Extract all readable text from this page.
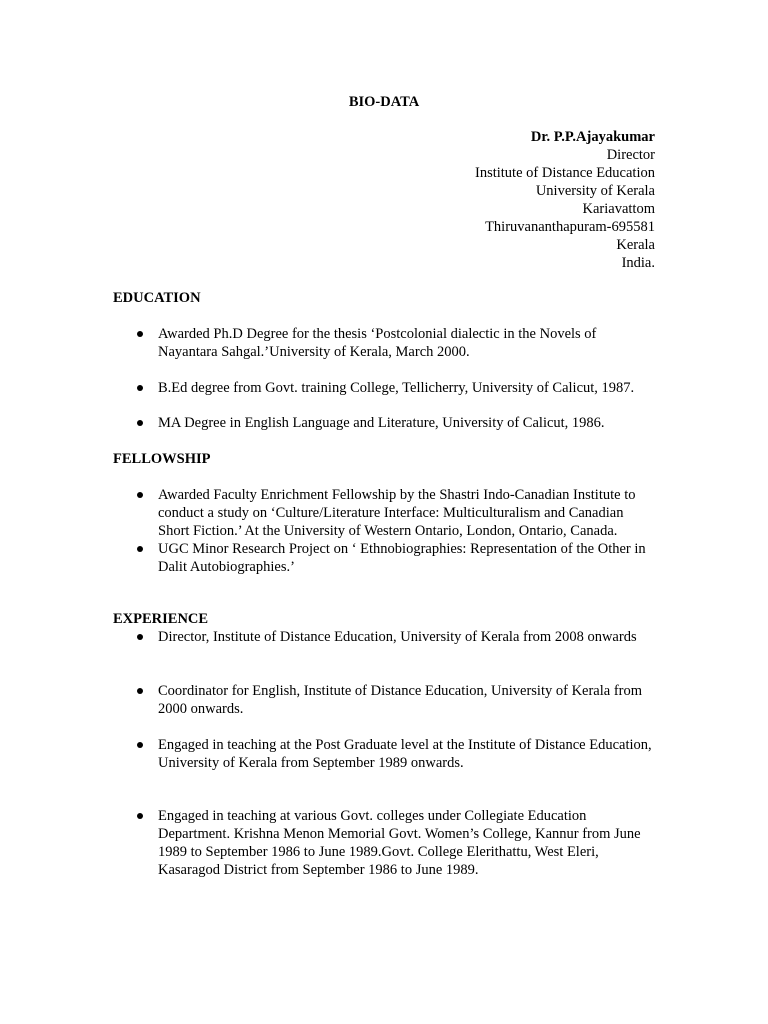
BIO-DATA
Dr. P.P.Ajayakumar
Director
Institute of Distance Education
University of Kerala
Kariavattom
Thiruvananthapuram-695581
Kerala
India.
EDUCATION
Awarded Ph.D Degree for the thesis ‘Postcolonial dialectic in the Novels of Nayantara Sahgal.’University of Kerala, March 2000.
B.Ed degree from Govt. training College, Tellicherry, University of Calicut, 1987.
MA Degree in English Language and Literature, University of Calicut, 1986.
FELLOWSHIP
Awarded Faculty Enrichment Fellowship by the Shastri Indo-Canadian Institute to conduct a study on ‘Culture/Literature Interface: Multiculturalism and Canadian Short Fiction.’ At the University of Western Ontario, London, Ontario, Canada.
UGC Minor Research Project on ‘ Ethnobiographies: Representation of the Other in Dalit Autobiographies.’
EXPERIENCE
Director, Institute of Distance Education, University of Kerala from 2008 onwards
Coordinator for English, Institute of Distance Education, University of Kerala from 2000 onwards.
Engaged in teaching at the Post Graduate level at the Institute of Distance Education, University of Kerala from September 1989 onwards.
Engaged in teaching at various Govt. colleges under Collegiate Education Department. Krishna Menon Memorial Govt. Women’s College, Kannur from June 1989 to September 1986 to June 1989.Govt. College Elerithattu, West Eleri, Kasaragod District from September 1986 to June 1989.
